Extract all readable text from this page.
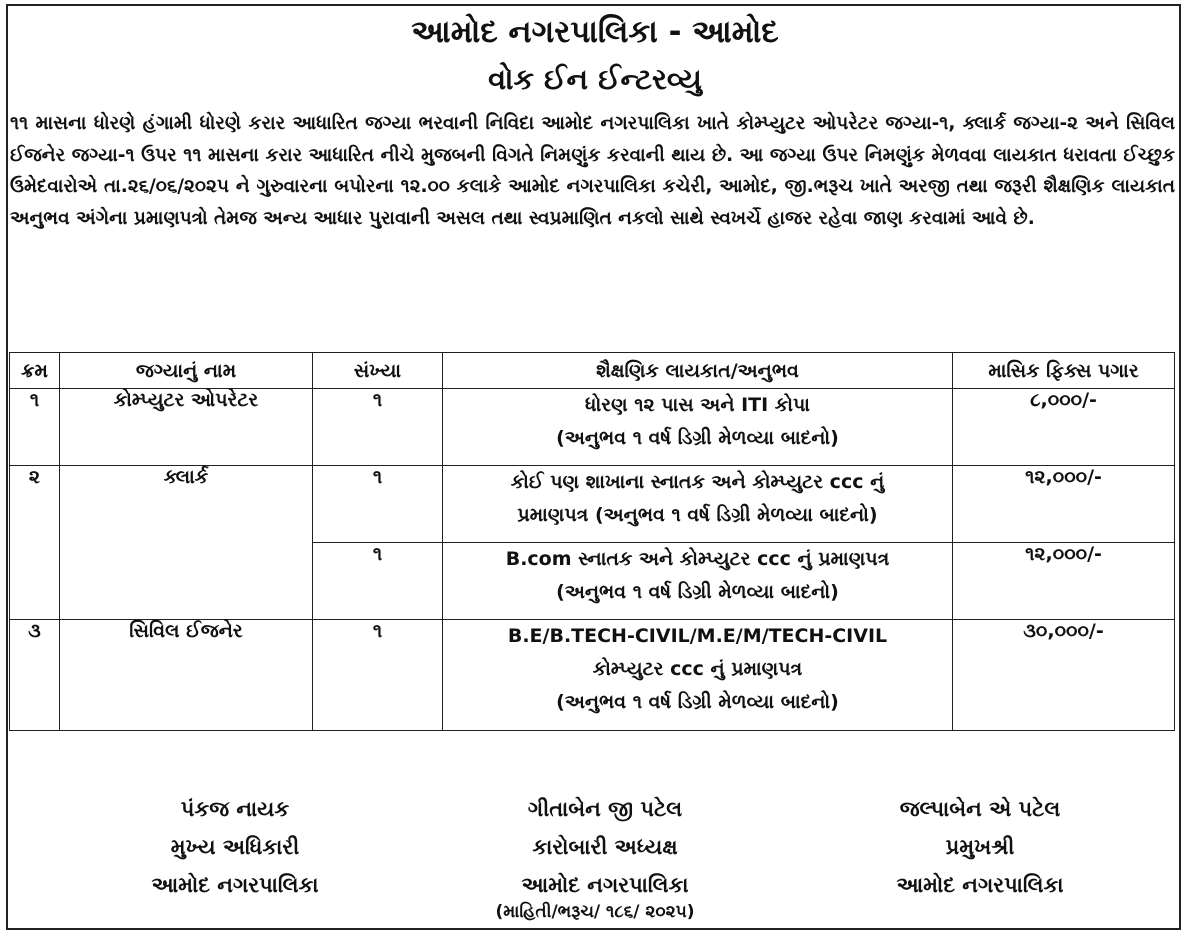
આમોદ નગરપાલિકા - આમોદ
વોક ઈન ઈન્ટરવ્યુ
૧૧ માસના ધોરણે હંગામી ધોરણે કરાર આધારિત જગ્યા ભરવાની નિવિદા આમોદ નગરપાલિકા ખાતે કોમ્પ્યુટર ઓપરેટર જગ્યા-૧, ક્લાર્ક જગ્યા-૨ અને સિવિલ ઈજનેર જગ્યા-૧ ઉપર ૧૧ માસના કરાર આધારિત નીચે મુજબની વિગતે નિમણુંક કરવાની થાય છે. આ જગ્યા ઉપર નિમણુંક મેળવવા લાયકાત ધરાવતા ઈચ્છુક ઉમેદવારોએ તા.૨૬/૦૬/૨૦૨૫ ને ગુરુવારના બપોરના ૧૨.૦૦ કલાકે આમોદ નગરપાલિકા કચેરી, આમોદ, જી.ભરૂચ ખાતે અરજી તથા જરૂરી શૈક્ષણિક લાયકાત અનુભવ અંગેના પ્રમાણપત્રો તેમજ અન્ય આધાર પુરાવાની અસલ તથા સ્વપ્રમાણિત નકલો સાથે સ્વખર્ચે હાજર રહેવા જાણ કરવામાં આવે છે.
ક્રમ	જગ્યાનું નામ	સંખ્યા	શૈક્ષણિક લાયકાત/અનુભવ	માસિક ફિક્સ પગાર
૧	કોમ્પ્યુટર ઓપરેટર	૧	ધોરણ ૧૨ પાસ અને ITI કોપા
(અનુભવ ૧ વર્ષ ડિગ્રી મેળવ્યા બાદનો)	૮,૦૦૦/-
૨	ક્લાર્ક	૧	કોઈ પણ શાખાના સ્નાતક અને કોમ્પ્યુટર ccc નું
પ્રમાણપત્ર (અનુભવ ૧ વર્ષ ડિગ્રી મેળવ્યા બાદનો)	૧૨,૦૦૦/-
		૧	B.com સ્નાતક અને કોમ્પ્યુટર ccc નું પ્રમાણપત્ર
(અનુભવ ૧ વર્ષ ડિગ્રી મેળવ્યા બાદનો)	૧૨,૦૦૦/-
૩	સિવિલ ઈજનેર	૧	B.E/B.TECH-CIVIL/M.E/M/TECH-CIVIL
કોમ્પ્યુટર ccc નું પ્રમાણપત્ર
(અનુભવ ૧ વર્ષ ડિગ્રી મેળવ્યા બાદનો)	૩૦,૦૦૦/-
પંકજ નાયક
મુખ્ય અધિકારી
આમોદ નગરપાલિકા
ગીતાબેન જી પટેલ
કારોબારી અધ્યક્ષ
આમોદ નગરપાલિકા
જલ્પાબેન એ પટેલ
પ્રમુખશ્રી
આમોદ નગરપાલિકા
(માહિતી/ભરૂચ/ ૧૮૬/ ૨૦૨૫)
